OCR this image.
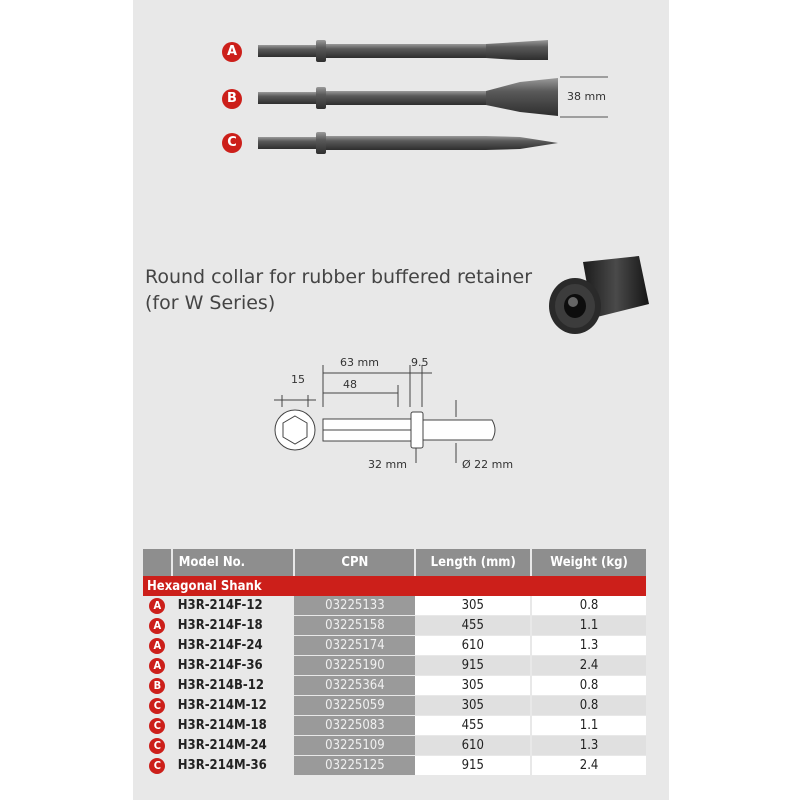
A
B
C
38 mm
Round collar for rubber buffered retainer
(for W Series)
63 mm	9.5
15	48
32 mm	Ø 22 mm
	Model No.	CPN	Length (mm)	Weight (kg)
Hexagonal Shank				
A	H3R-214F-12	03225133	305	0.8
A	H3R-214F-18	03225158	455	1.1
A	H3R-214F-24	03225174	610	1.3
A	H3R-214F-36	03225190	915	2.4
B	H3R-214B-12	03225364	305	0.8
C	H3R-214M-12	03225059	305	0.8
C	H3R-214M-18	03225083	455	1.1
C	H3R-214M-24	03225109	610	1.3
C	H3R-214M-36	03225125	915	2.4
